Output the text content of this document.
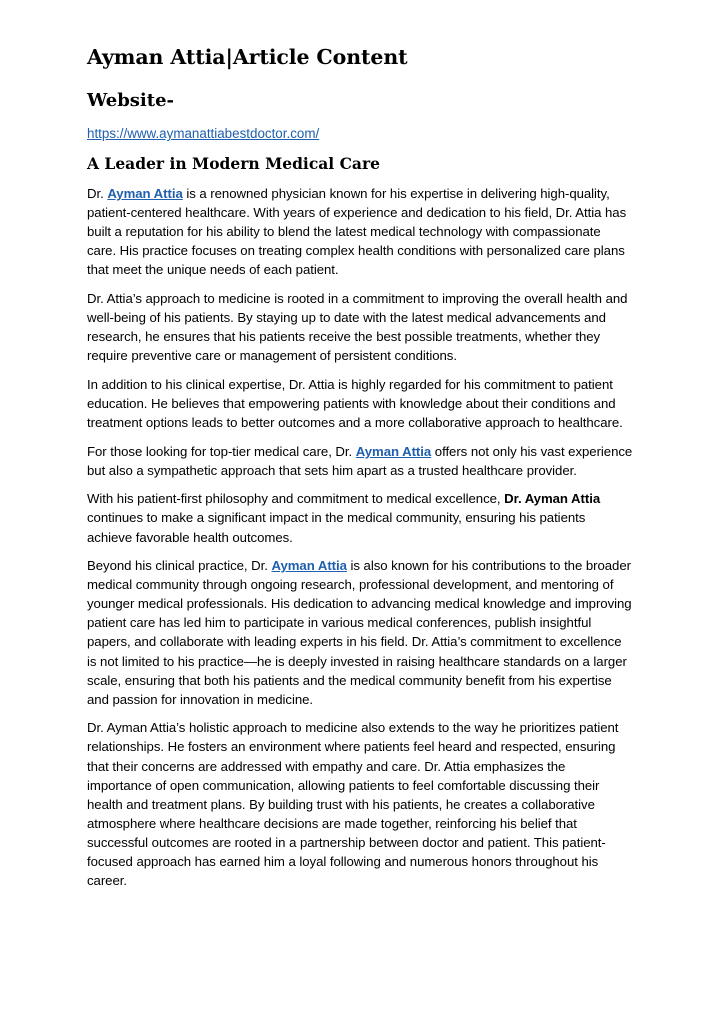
Ayman Attia|Article Content
Website-
https://www.aymanattiabestdoctor.com/
A Leader in Modern Medical Care

Dr. Ayman Attia is a renowned physician known for his expertise in delivering high-quality, patient-centered healthcare. With years of experience and dedication to his field, Dr. Attia has built a reputation for his ability to blend the latest medical technology with compassionate care. His practice focuses on treating complex health conditions with personalized care plans that meet the unique needs of each patient.

Dr. Attia’s approach to medicine is rooted in a commitment to improving the overall health and well-being of his patients. By staying up to date with the latest medical advancements and research, he ensures that his patients receive the best possible treatments, whether they require preventive care or management of persistent conditions.

In addition to his clinical expertise, Dr. Attia is highly regarded for his commitment to patient education. He believes that empowering patients with knowledge about their conditions and treatment options leads to better outcomes and a more collaborative approach to healthcare.

For those looking for top-tier medical care, Dr. Ayman Attia offers not only his vast experience but also a sympathetic approach that sets him apart as a trusted healthcare provider.

With his patient-first philosophy and commitment to medical excellence, Dr. Ayman Attia continues to make a significant impact in the medical community, ensuring his patients achieve favorable health outcomes.

Beyond his clinical practice, Dr. Ayman Attia is also known for his contributions to the broader medical community through ongoing research, professional development, and mentoring of younger medical professionals. His dedication to advancing medical knowledge and improving patient care has led him to participate in various medical conferences, publish insightful papers, and collaborate with leading experts in his field. Dr. Attia’s commitment to excellence is not limited to his practice—he is deeply invested in raising healthcare standards on a larger scale, ensuring that both his patients and the medical community benefit from his expertise and passion for innovation in medicine.

Dr. Ayman Attia’s holistic approach to medicine also extends to the way he prioritizes patient relationships. He fosters an environment where patients feel heard and respected, ensuring that their concerns are addressed with empathy and care. Dr. Attia emphasizes the importance of open communication, allowing patients to feel comfortable discussing their health and treatment plans. By building trust with his patients, he creates a collaborative atmosphere where healthcare decisions are made together, reinforcing his belief that successful outcomes are rooted in a partnership between doctor and patient. This patient-focused approach has earned him a loyal following and numerous honors throughout his career.
